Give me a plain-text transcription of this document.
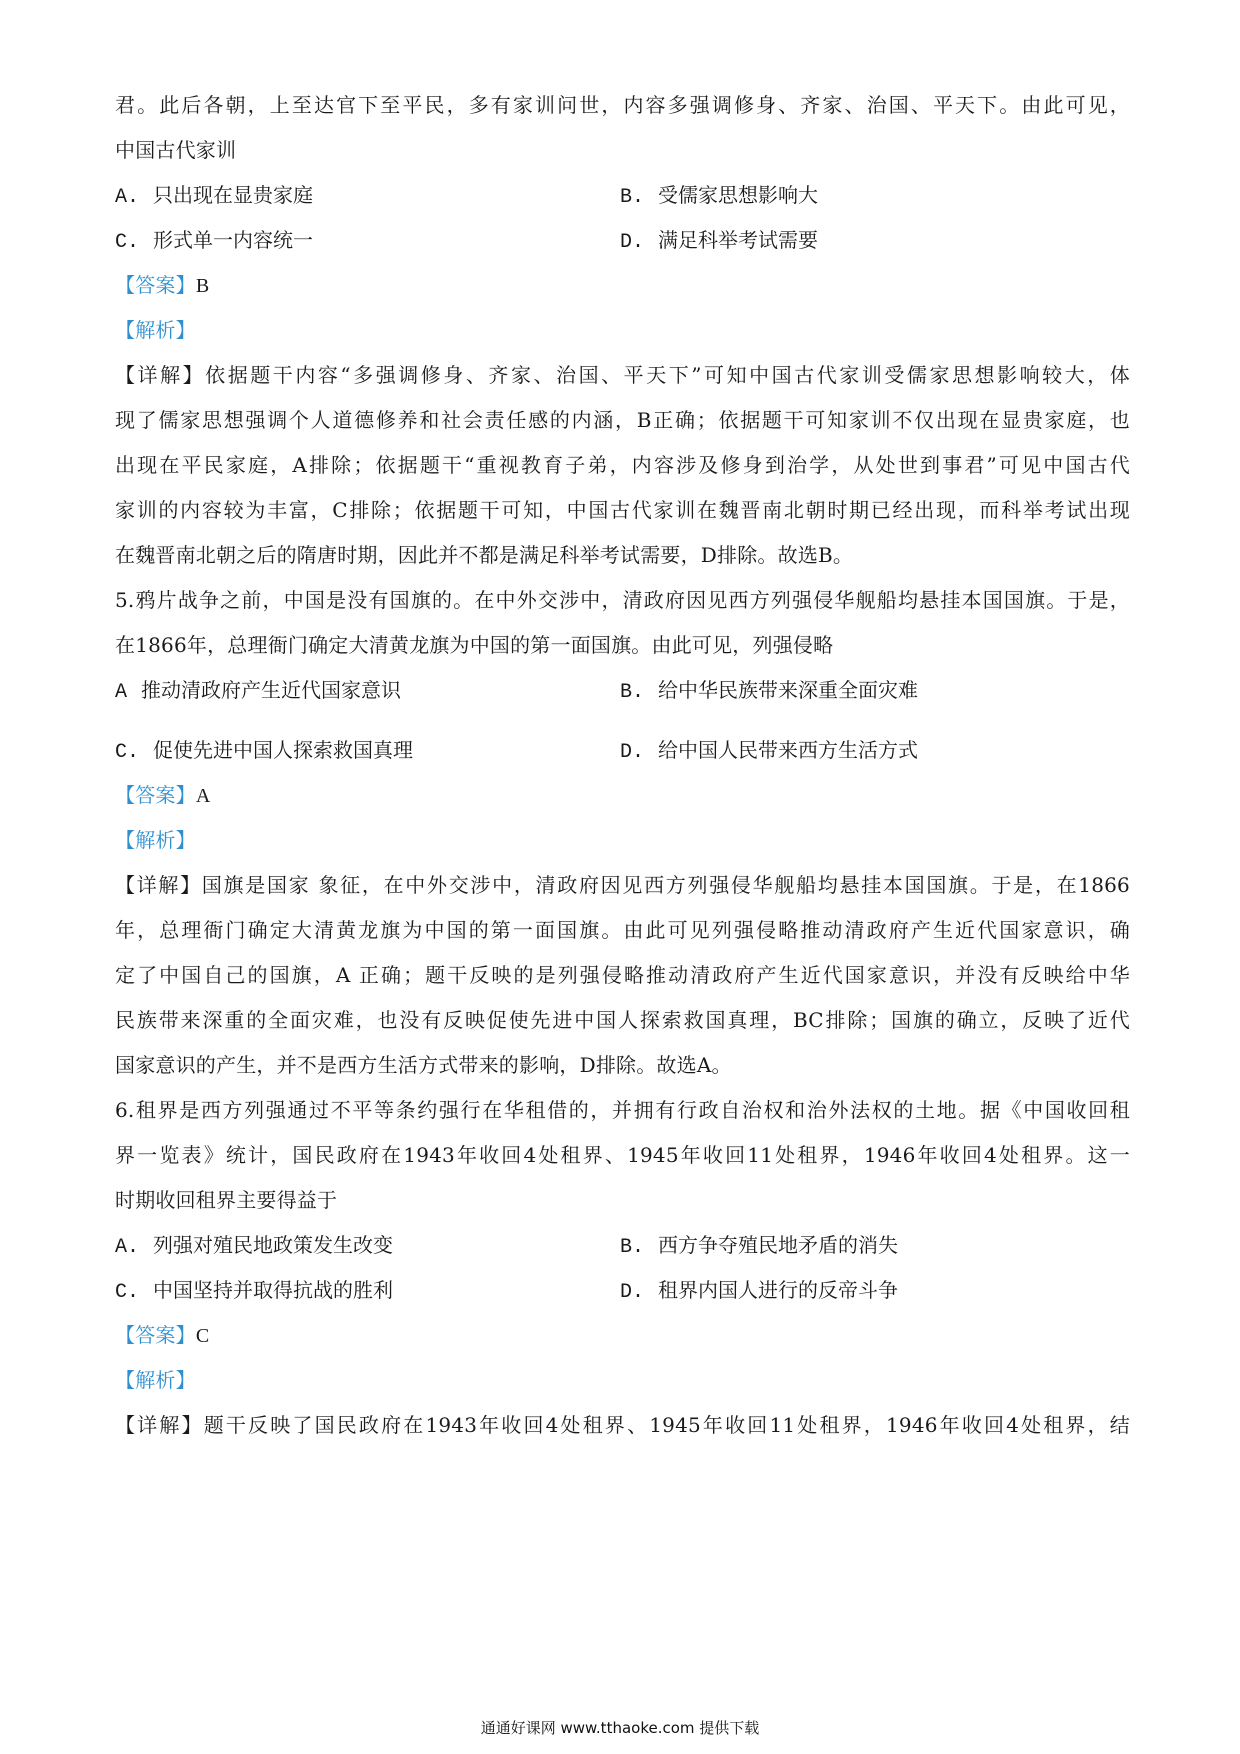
君。此后各朝，上至达官下至平民，多有家训问世，内容多强调修身、齐家、治国、平天下。由此可见，
中国古代家训
A. 只出现在显贵家庭	B. 受儒家思想影响大
C. 形式单一内容统一	D. 满足科举考试需要
【答案】B
【解析】
【详解】依据题干内容“多强调修身、齐家、治国、平天下”可知中国古代家训受儒家思想影响较大，体
现了儒家思想强调个人道德修养和社会责任感的内涵，B正确；依据题干可知家训不仅出现在显贵家庭，也
出现在平民家庭，A排除；依据题干“重视教育子弟，内容涉及修身到治学，从处世到事君”可见中国古代
家训的内容较为丰富，C排除；依据题干可知，中国古代家训在魏晋南北朝时期已经出现，而科举考试出现
在魏晋南北朝之后的隋唐时期，因此并不都是满足科举考试需要，D排除。故选B。
5.鸦片战争之前，中国是没有国旗的。在中外交涉中，清政府因见西方列强侵华舰船均悬挂本国国旗。于是，
在1866年，总理衙门确定大清黄龙旗为中国的第一面国旗。由此可见，列强侵略
A 推动清政府产生近代国家意识	B. 给中华民族带来深重全面灾难
C. 促使先进中国人探索救国真理	D. 给中国人民带来西方生活方式
【答案】A
【解析】
【详解】国旗是国家 象征，在中外交涉中，清政府因见西方列强侵华舰船均悬挂本国国旗。于是，在1866
年，总理衙门确定大清黄龙旗为中国的第一面国旗。由此可见列强侵略推动清政府产生近代国家意识，确
定了中国自己的国旗，A 正确；题干反映的是列强侵略推动清政府产生近代国家意识，并没有反映给中华
民族带来深重的全面灾难，也没有反映促使先进中国人探索救国真理，BC排除；国旗的确立，反映了近代
国家意识的产生，并不是西方生活方式带来的影响，D排除。故选A。
6.租界是西方列强通过不平等条约强行在华租借的，并拥有行政自治权和治外法权的土地。据《中国收回租
界一览表》统计，国民政府在1943年收回4处租界、1945年收回11处租界，1946年收回4处租界。这一
时期收回租界主要得益于
A. 列强对殖民地政策发生改变	B. 西方争夺殖民地矛盾的消失
C. 中国坚持并取得抗战的胜利	D. 租界内国人进行的反帝斗争
【答案】C
【解析】
【详解】题干反映了国民政府在1943年收回4处租界、1945年收回11处租界，1946年收回4处租界，结
通通好课网 www.tthaoke.com 提供下载
